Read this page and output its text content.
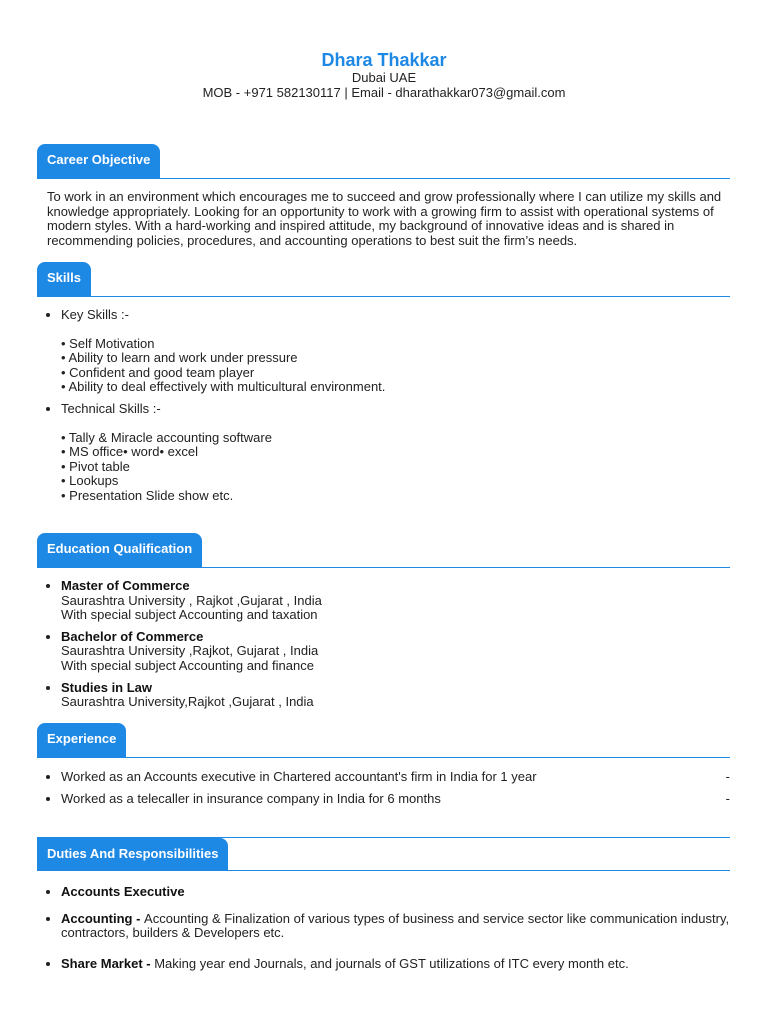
Dhara Thakkar
Dubai UAE
MOB - +971 582130117 | Email - dharathakkar073@gmail.com
Career Objective
To work in an environment which encourages me to succeed and grow professionally where I can utilize my skills and knowledge appropriately. Looking for an opportunity to work with a growing firm to assist with operational systems of modern styles. With a hard-working and inspired attitude, my background of innovative ideas and is shared in recommending policies, procedures, and accounting operations to best suit the firm’s needs.
Skills
• Key Skills :-
• Self Motivation
• Ability to learn and work under pressure
• Confident and good team player
• Ability to deal effectively with multicultural environment.
• Technical Skills :-
• Tally & Miracle accounting software
• MS office• word• excel
• Pivot table
• Lookups
• Presentation Slide show etc.
Education Qualification
• Master of Commerce
Saurashtra University , Rajkot ,Gujarat , India
With special subject Accounting and taxation
• Bachelor of Commerce
Saurashtra University ,Rajkot, Gujarat , India
With special subject Accounting and finance
• Studies in Law
Saurashtra University,Rajkot ,Gujarat , India
Experience
• Worked as an Accounts executive in Chartered accountant's firm in India for 1 year	-
• Worked as a telecaller in insurance company in India for 6 months	-
Duties And Responsibilities
• Accounts Executive
• Accounting - Accounting & Finalization of various types of business and service sector like communication industry, contractors, builders & Developers etc.
• Share Market - Making year end Journals, and journals of GST utilizations of ITC every month etc.
